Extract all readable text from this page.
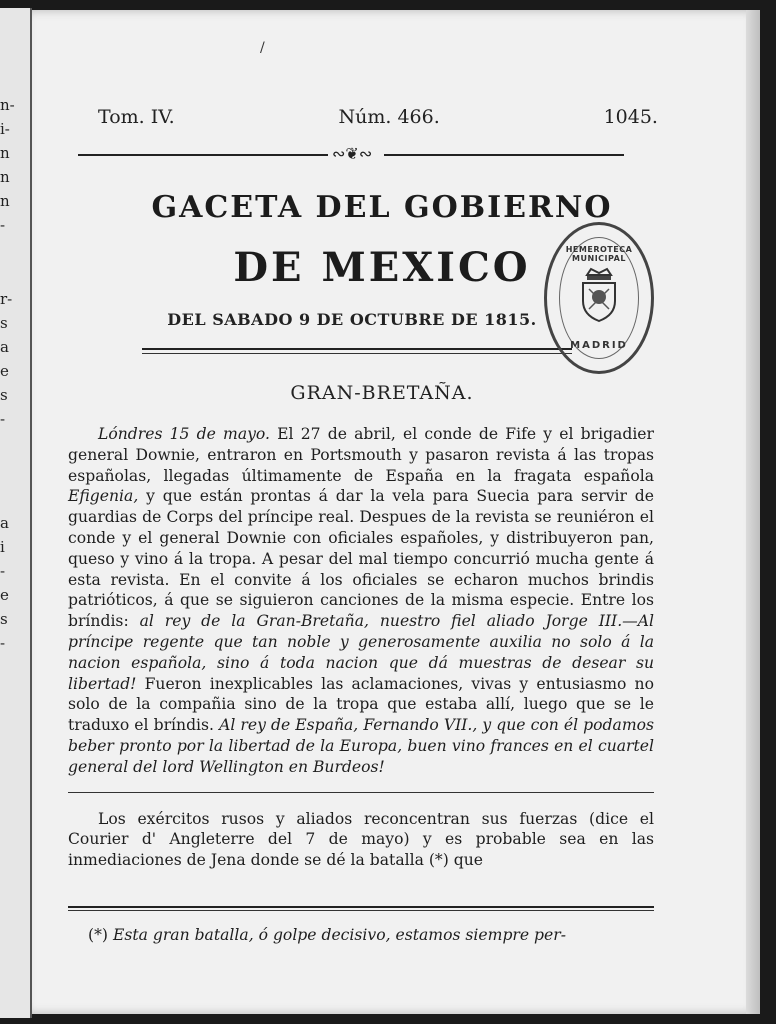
n-
i-
n
n
n
-
r-
s
a
e
s
-
a
i
-
e
s
-
Tom. IV.	Núm. 466.	1045.
∾❦∾
GACETA DEL GOBIERNO
DE MEXICO
DEL SABADO 9 DE OCTUBRE DE 1815.
HEMEROTECA MUNICIPAL
MADRID
GRAN-BRETAÑA.

Lóndres 15 de mayo. El 27 de abril, el conde de Fife y el brigadier general Downie, entraron en Portsmouth y pasaron revista á las tropas españolas, llegadas últimamente de España en la fragata española Efigenia, y que están prontas á dar la vela para Suecia para servir de guardias de Corps del príncipe real. Despues de la revista se reuniéron el conde y el general Downie con oficiales españoles, y distribuyeron pan, queso y vino á la tropa. A pesar del mal tiempo concurrió mucha gente á esta revista. En el convite á los oficiales se echaron muchos brindis patrióticos, á que se siguieron canciones de la misma especie. Entre los bríndis: al rey de la Gran-Bretaña, nuestro fiel aliado Jorge III.—Al príncipe regente que tan noble y generosamente auxilia no solo á la nacion española, sino á toda nacion que dá muestras de desear su libertad! Fueron inexplicables las aclamaciones, vivas y entusiasmo no solo de la compañia sino de la tropa que estaba allí, luego que se le traduxo el bríndis. Al rey de España, Fernando VII., y que con él podamos beber pronto por la libertad de la Europa, buen vino frances en el cuartel general del lord Wellington en Burdeos!

Los exércitos rusos y aliados reconcentran sus fuerzas (dice el Courier d' Angleterre del 7 de mayo) y es probable sea en las inmediaciones de Jena donde se dé la batalla (*) que

(*) Esta gran batalla, ó golpe decisivo, estamos siempre per-
/
